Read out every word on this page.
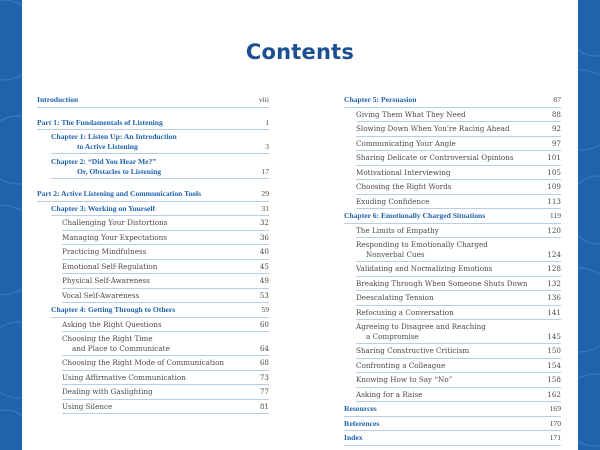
Contents
Introduction	viii
Part 1: The Fundamentals of Listening	1
Chapter 1: Listen Up: An Introduction
to Active Listening	3
Chapter 2: “Did You Hear Me?”
Or, Obstacles to Listening	17
Part 2: Active Listening and Communication Tools	29
Chapter 3: Working on Yourself	31
Challenging Your Distortions	32
Managing Your Expectations	36
Practicing Mindfulness	40
Emotional Self-Regulation	45
Physical Self-Awareness	49
Vocal Self-Awareness	53
Chapter 4: Getting Through to Others	59
Asking the Right Questions	60
Choosing the Right Time
and Place to Communicate	64
Choosing the Right Mode of Communication	68
Using Affirmative Communication	73
Dealing with Gaslighting	77
Using Silence	81
Chapter 5: Persuasion	87
Giving Them What They Need	88
Slowing Down When You're Racing Ahead	92
Communicating Your Angle	97
Sharing Delicate or Controversial Opinions	101
Motivational Interviewing	105
Choosing the Right Words	109
Exuding Confidence	113
Chapter 6: Emotionally Charged Situations	119
The Limits of Empathy	120
Responding to Emotionally Charged
Nonverbal Cues	124
Validating and Normalizing Emotions	128
Breaking Through When Someone Shuts Down	132
Deescalating Tension	136
Refocusing a Conversation	141
Agreeing to Disagree and Reaching
a Compromise	145
Sharing Constructive Criticism	150
Confronting a Colleague	154
Knowing How to Say “No”	158
Asking for a Raise	162
Resources	169
References	170
Index	171
